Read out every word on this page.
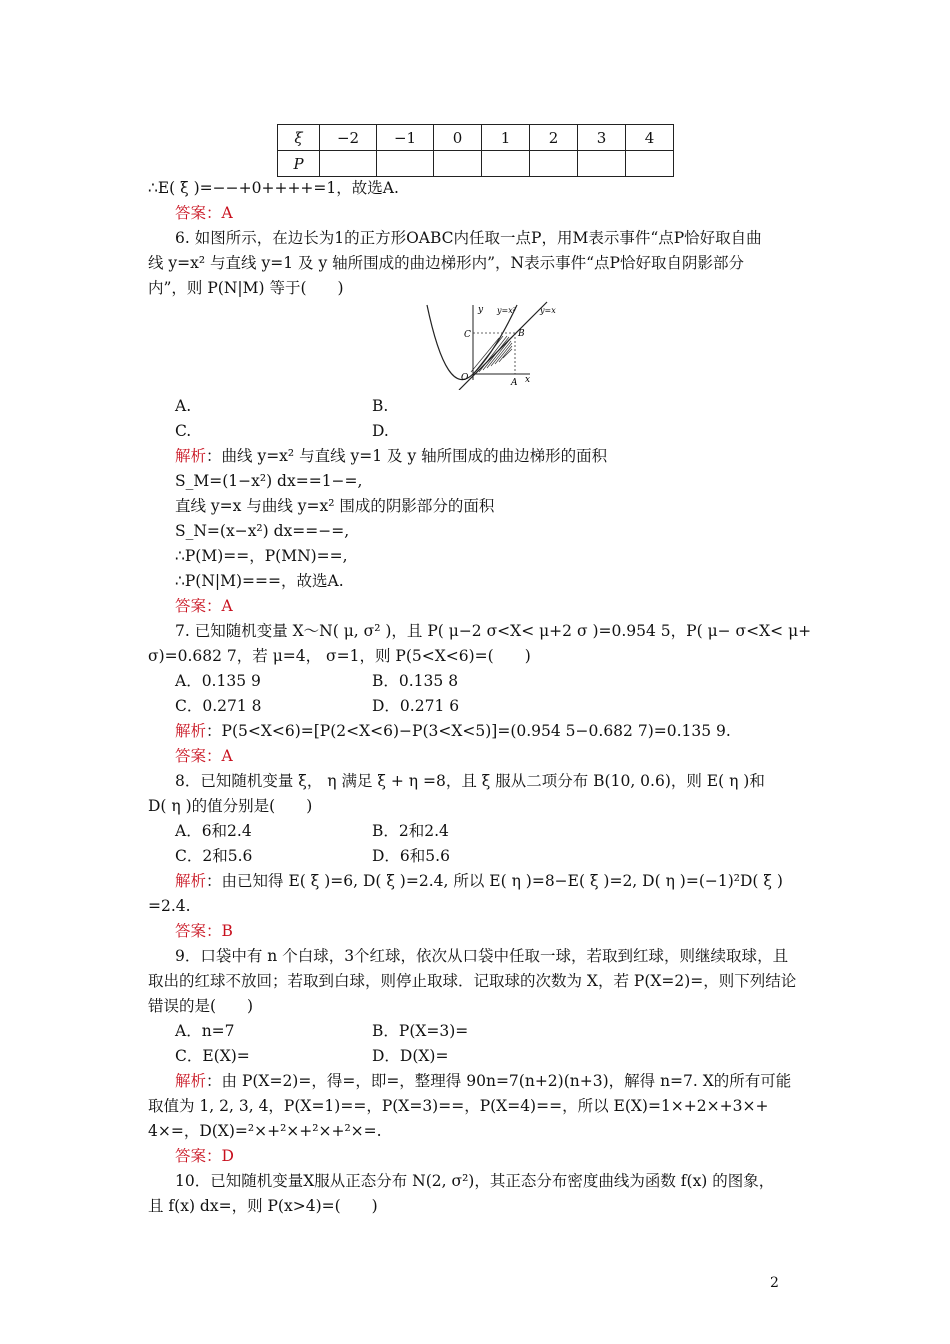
ξ	−2	−1	0	1	2	3	4
P							
∴E( ξ )=−−+0++++=1，故选A.
答案：A
6. 如图所示，在边长为1的正方形OABC内任取一点P，用M表示事件“点P恰好取自曲
线 y=x² 与直线 y=1 及 y 轴所围成的曲边梯形内”，N表示事件“点P恰好取自阴影部分
内”，则 P(N|M) 等于(　　)
y
x
O	A
B
C
y=x²	y=x
A.	B.
C.	D.
解析：曲线 y=x² 与直线 y=1 及 y 轴所围成的曲边梯形的面积
S_M=(1−x²) dx==1−=,
直线 y=x 与曲线 y=x² 围成的阴影部分的面积
S_N=(x−x²) dx==−=,
∴P(M)==，P(MN)==,
∴P(N|M)===，故选A.
答案：A
7. 已知随机变量 X～N( μ, σ² )，且 P( μ−2 σ<X< μ+2 σ )=0.954 5，P( μ− σ<X< μ+
σ)=0.682 7，若 μ=4， σ=1，则 P(5<X<6)=(　　)
A．0.135 9	B．0.135 8
C．0.271 8	D．0.271 6
解析：P(5<X<6)=[P(2<X<6)−P(3<X<5)]=(0.954 5−0.682 7)=0.135 9.
答案：A
8．已知随机变量 ξ， η 满足 ξ + η =8，且 ξ 服从二项分布 B(10, 0.6)，则 E( η )和
D( η )的值分别是(　　)
A．6和2.4	B．2和2.4
C．2和5.6	D．6和5.6
解析：由已知得 E( ξ )=6, D( ξ )=2.4, 所以 E( η )=8−E( ξ )=2, D( η )=(−1)²D( ξ )
=2.4.
答案：B
9．口袋中有 n 个白球，3个红球，依次从口袋中任取一球，若取到红球，则继续取球，且
取出的红球不放回；若取到白球，则停止取球．记取球的次数为 X，若 P(X=2)=，则下列结论
错误的是(　　)
A．n=7	B．P(X=3)=
C．E(X)=	D．D(X)=
解析：由 P(X=2)=，得=，即=，整理得 90n=7(n+2)(n+3)，解得 n=7. X的所有可能
取值为 1, 2, 3, 4，P(X=1)==，P(X=3)==，P(X=4)==，所以 E(X)=1×+2×+3×+
4×=，D(X)=²×+²×+²×+²×=.
答案：D
10．已知随机变量X服从正态分布 N(2, σ²)，其正态分布密度曲线为函数 f(x) 的图象，
且 f(x) dx=，则 P(x>4)=(　　)
2
